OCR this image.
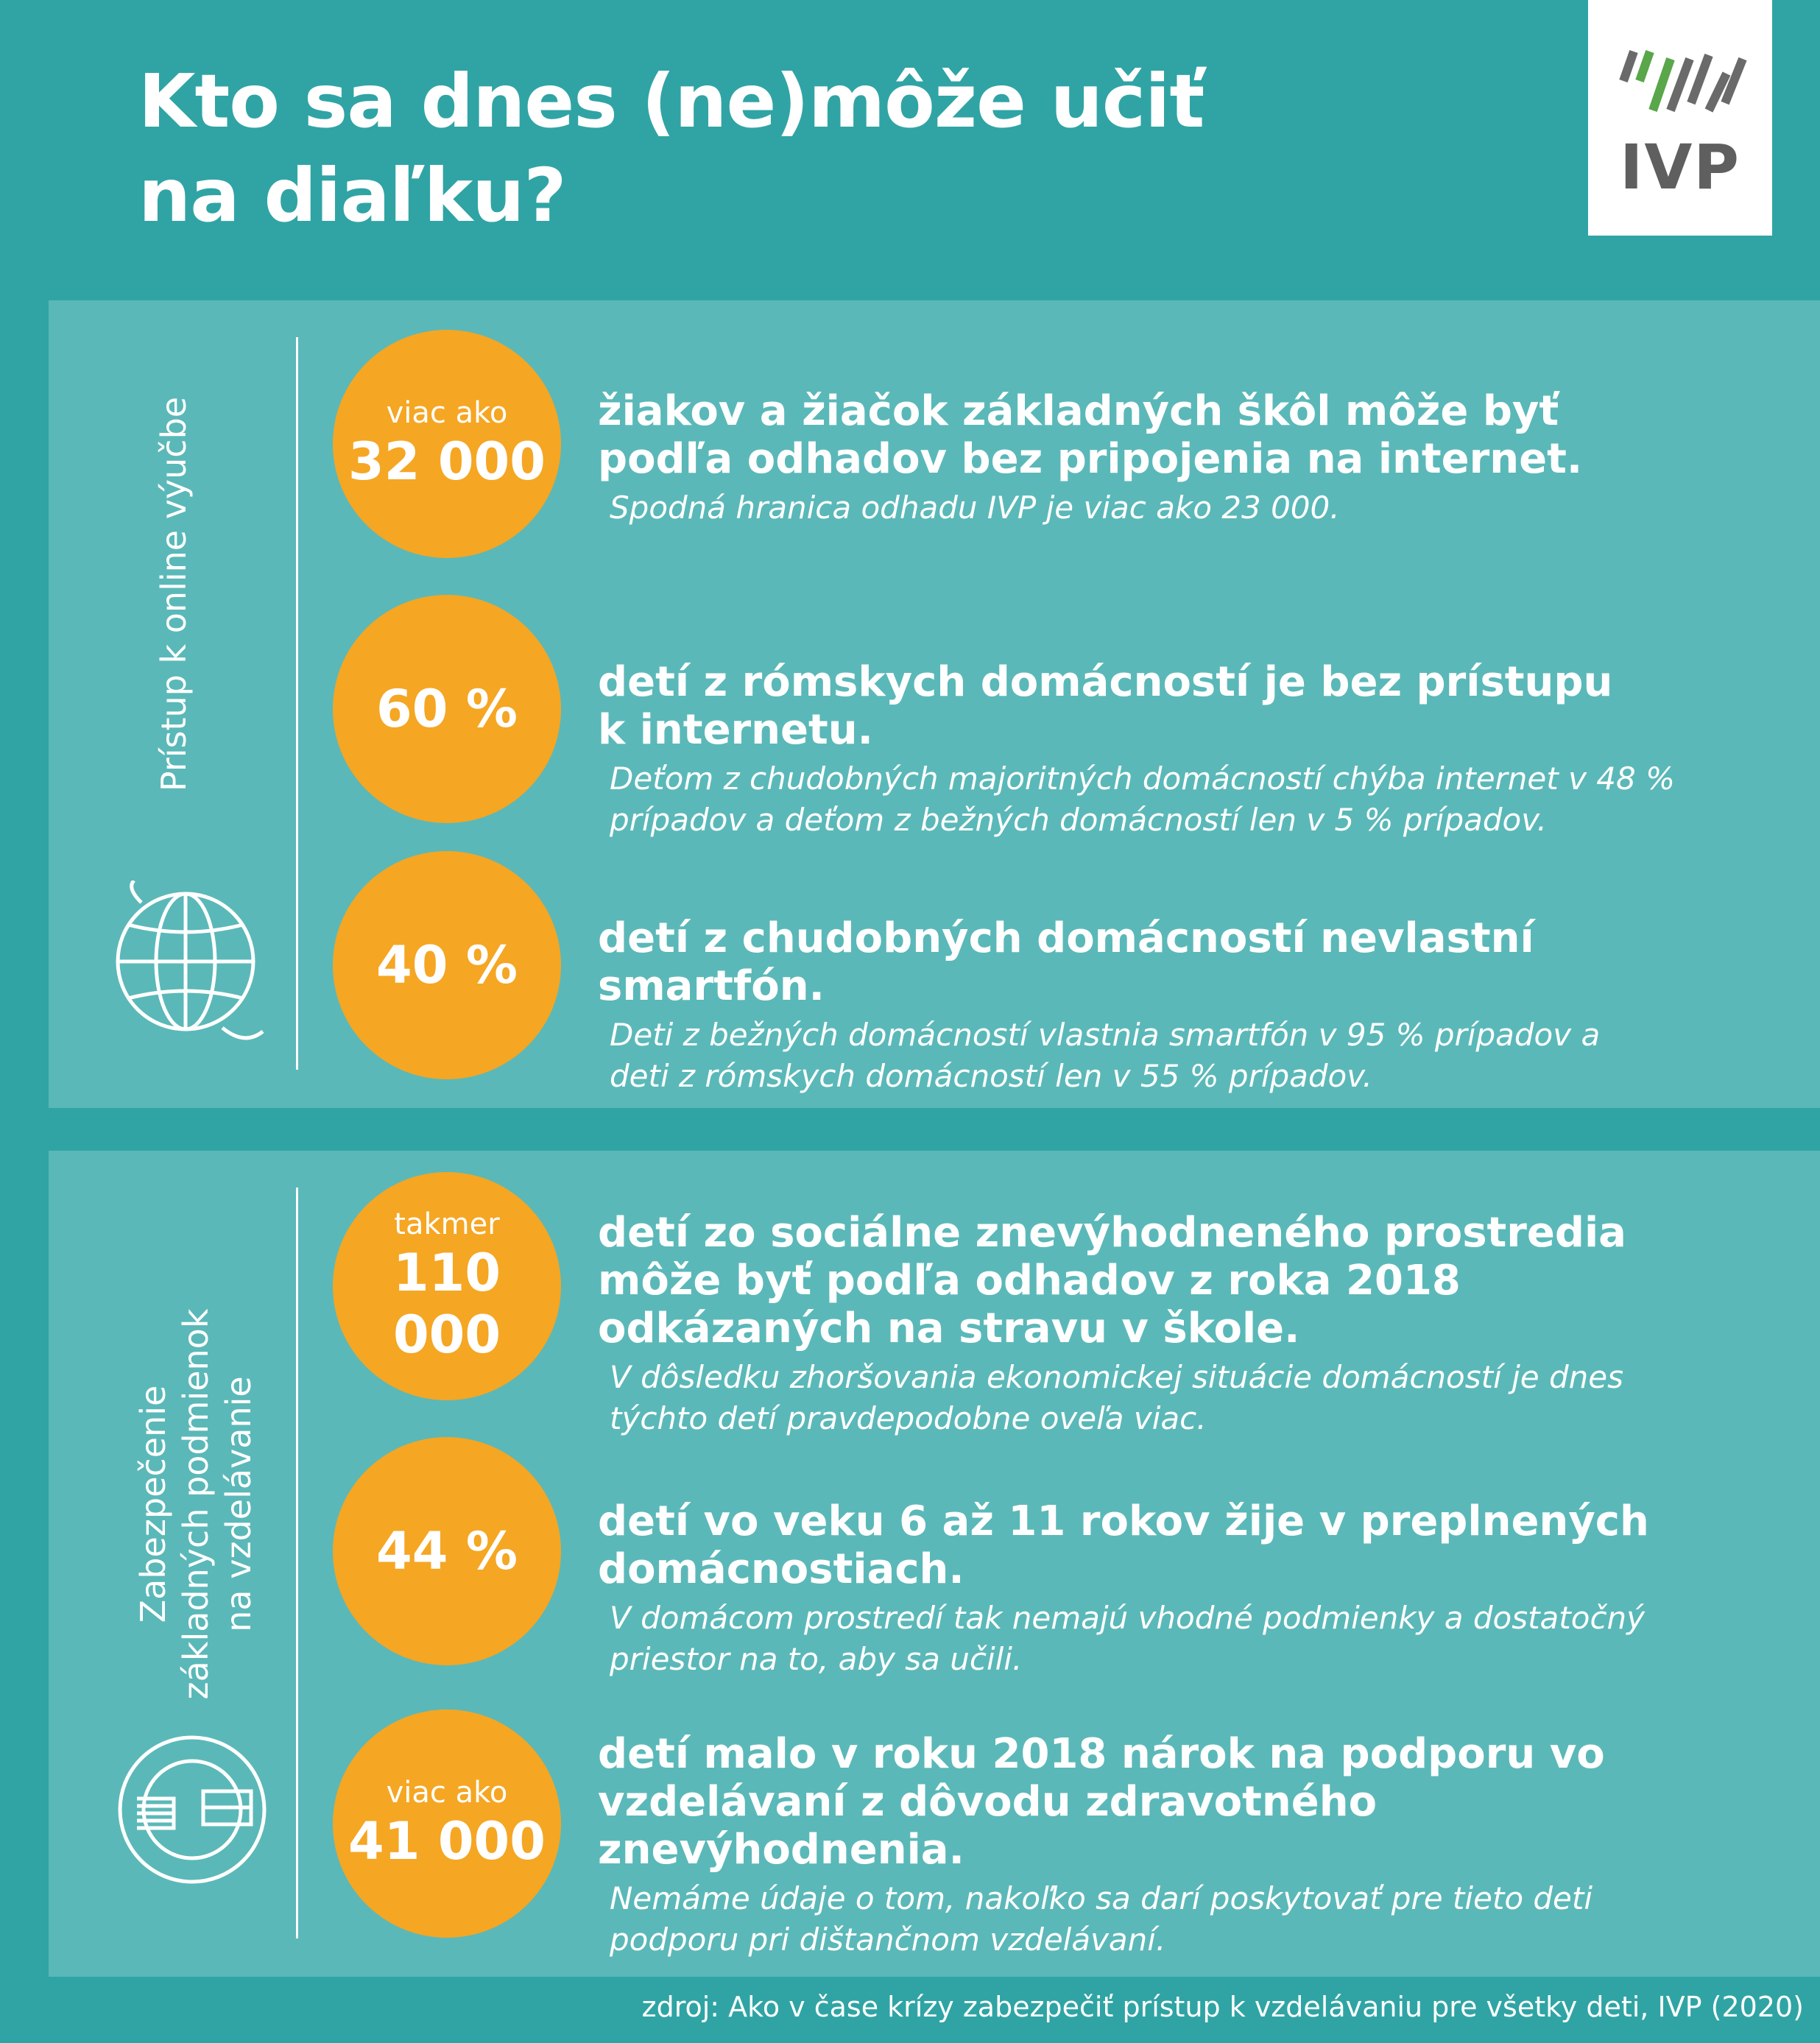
Kto sa dnes (ne)môže učiť
na diaľku?	IVP
Prístup k online výučbe
Zabezpečenie základných podmienok na vzdelávanie
viac ako
32 000
žiakov a žiačok základných škôl môže byť
podľa odhadov bez pripojenia na internet.
Spodná hranica odhadu IVP je viac ako 23 000.
60 % detí z rómskych domácností je bez prístupu
k internetu.
Deťom z chudobných majoritných domácností chýba internet v 48 %
prípadov a deťom z bežných domácností len v 5 % prípadov.
40 % detí z chudobných domácností nevlastní
smartfón.
Deti z bežných domácností vlastnia smartfón v 95 % prípadov a
deti z rómskych domácností len v 55 % prípadov.
takmer
110 000
detí zo sociálne znevýhodneného prostredia
môže byť podľa odhadov z roka 2018
odkázaných na stravu v škole.
V dôsledku zhoršovania ekonomickej situácie domácností je dnes
týchto detí pravdepodobne oveľa viac.
44 % detí vo veku 6 až 11 rokov žije v preplnených
domácnostiach.
V domácom prostredí tak nemajú vhodné podmienky a dostatočný
priestor na to, aby sa učili.
viac ako
41 000
detí malo v roku 2018 nárok na podporu vo
vzdelávaní z dôvodu zdravotného
znevýhodnenia.
Nemáme údaje o tom, nakoľko sa darí poskytovať pre tieto deti
podporu pri dištančnom vzdelávaní.
zdroj: Ako v čase krízy zabezpečiť prístup k vzdelávaniu pre všetky deti, IVP (2020)
